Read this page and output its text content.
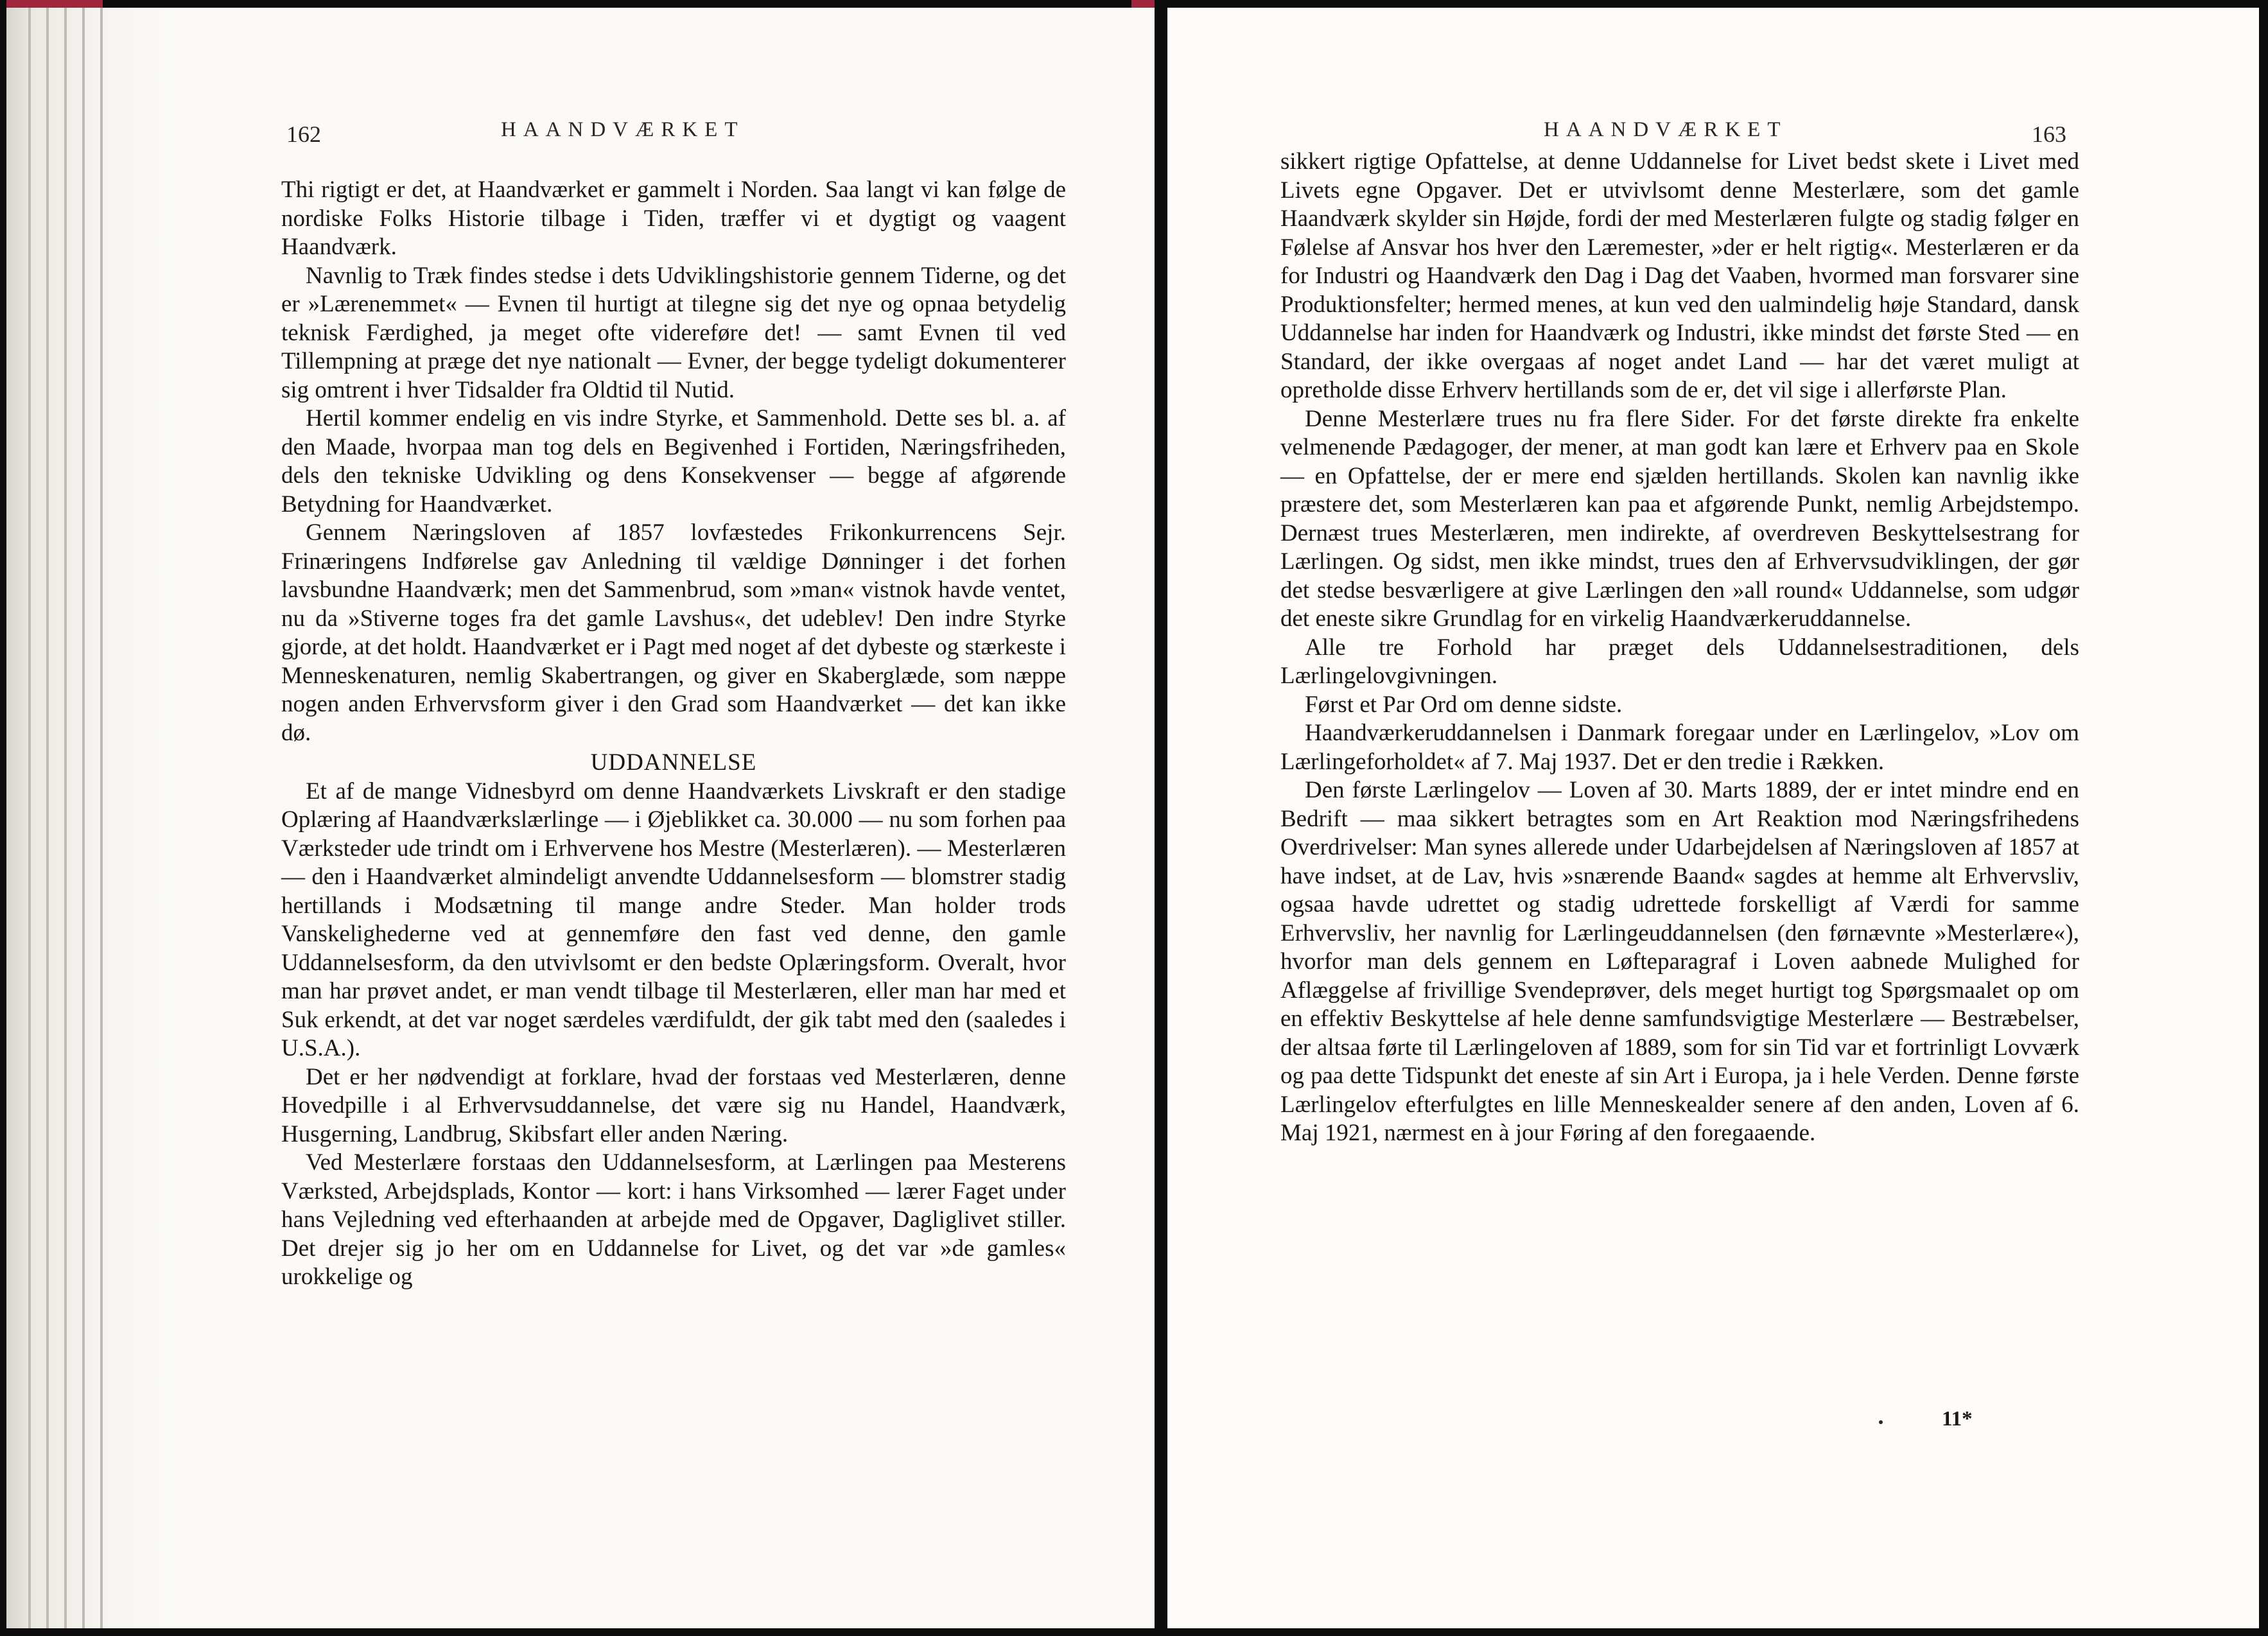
162	HAANDVÆRKET

Thi rigtigt er det, at Haandværket er gammelt i Norden. Saa langt vi kan følge de nordiske Folks Historie tilbage i Tiden, træffer vi et dygtigt og vaagent Haandværk.

Navnlig to Træk findes stedse i dets Udviklingshistorie gennem Tiderne, og det er »Lærenemmet« — Evnen til hurtigt at tilegne sig det nye og opnaa betydelig teknisk Færdighed, ja meget ofte videreføre det! — samt Evnen til ved Tillempning at præge det nye nationalt — Evner, der begge tydeligt dokumenterer sig omtrent i hver Tidsalder fra Oldtid til Nutid.

Hertil kommer endelig en vis indre Styrke, et Sammenhold. Dette ses bl. a. af den Maade, hvorpaa man tog dels en Begivenhed i Fortiden, Næringsfriheden, dels den tekniske Udvikling og dens Konsekvenser — begge af afgørende Betydning for Haandværket.

Gennem Næringsloven af 1857 lovfæstedes Frikonkurrencens Sejr. Frinæringens Indførelse gav Anledning til vældige Dønninger i det forhen lavsbundne Haandværk; men det Sammenbrud, som »man« vistnok havde ventet, nu da »Stiverne toges fra det gamle Lavshus«, det udeblev! Den indre Styrke gjorde, at det holdt. Haandværket er i Pagt med noget af det dybeste og stærkeste i Menneskenaturen, nemlig Skabertrangen, og giver en Skaberglæde, som næppe nogen anden Erhvervsform giver i den Grad som Haandværket — det kan ikke dø.

UDDANNELSE

Et af de mange Vidnesbyrd om denne Haandværkets Livskraft er den stadige Oplæring af Haandværkslærlinge — i Øjeblikket ca. 30.000 — nu som forhen paa Værksteder ude trindt om i Erhvervene hos Mestre (Mesterlæren). — Mesterlæren — den i Haandværket almindeligt anvendte Uddannelsesform — blomstrer stadig hertillands i Modsætning til mange andre Steder. Man holder trods Vanskelighederne ved at gennemføre den fast ved denne, den gamle Uddannelsesform, da den utvivlsomt er den bedste Oplæringsform. Overalt, hvor man har prøvet andet, er man vendt tilbage til Mesterlæren, eller man har med et Suk erkendt, at det var noget særdeles værdifuldt, der gik tabt med den (saaledes i U.S.A.).

Det er her nødvendigt at forklare, hvad der forstaas ved Mesterlæren, denne Hovedpille i al Erhvervsuddannelse, det være sig nu Handel, Haandværk, Husgerning, Landbrug, Skibsfart eller anden Næring.

Ved Mesterlære forstaas den Uddannelsesform, at Lærlingen paa Mesterens Værksted, Arbejdsplads, Kontor — kort: i hans Virksomhed — lærer Faget under hans Vejledning ved efterhaanden at arbejde med de Opgaver, Dagliglivet stiller. Det drejer sig jo her om en Uddannelse for Livet, og det var »de gamles« urokkelige og

HAANDVÆRKET	163

sikkert rigtige Opfattelse, at denne Uddannelse for Livet bedst skete i Livet med Livets egne Opgaver. Det er utvivlsomt denne Mesterlære, som det gamle Haandværk skylder sin Højde, fordi der med Mesterlæren fulgte og stadig følger en Følelse af Ansvar hos hver den Læremester, »der er helt rigtig«. Mesterlæren er da for Industri og Haandværk den Dag i Dag det Vaaben, hvormed man forsvarer sine Produktionsfelter; hermed menes, at kun ved den ualmindelig høje Standard, dansk Uddannelse har inden for Haandværk og Industri, ikke mindst det første Sted — en Standard, der ikke overgaas af noget andet Land — har det været muligt at opretholde disse Erhverv hertillands som de er, det vil sige i allerførste Plan.

Denne Mesterlære trues nu fra flere Sider. For det første direkte fra enkelte velmenende Pædagoger, der mener, at man godt kan lære et Erhverv paa en Skole — en Opfattelse, der er mere end sjælden hertillands. Skolen kan navnlig ikke præstere det, som Mesterlæren kan paa et afgørende Punkt, nemlig Arbejdstempo. Dernæst trues Mesterlæren, men indirekte, af overdreven Beskyttelsestrang for Lærlingen. Og sidst, men ikke mindst, trues den af Erhvervsudviklingen, der gør det stedse besværligere at give Lærlingen den »all round« Uddannelse, som udgør det eneste sikre Grundlag for en virkelig Haandværkeruddannelse.

Alle tre Forhold har præget dels Uddannelsestraditionen, dels Lærlingelovgivningen.

Først et Par Ord om denne sidste.

Haandværkeruddannelsen i Danmark foregaar under en Lærlingelov, »Lov om Lærlingeforholdet« af 7. Maj 1937. Det er den tredie i Rækken.

Den første Lærlingelov — Loven af 30. Marts 1889, der er intet mindre end en Bedrift — maa sikkert betragtes som en Art Reaktion mod Næringsfrihedens Overdrivelser: Man synes allerede under Udarbejdelsen af Næringsloven af 1857 at have indset, at de Lav, hvis »snærende Baand« sagdes at hemme alt Erhvervsliv, ogsaa havde udrettet og stadig udrettede forskelligt af Værdi for samme Erhvervsliv, her navnlig for Lærlingeuddannelsen (den førnævnte »Mesterlære«), hvorfor man dels gennem en Løfteparagraf i Loven aabnede Mulighed for Aflæggelse af frivillige Svendeprøver, dels meget hurtigt tog Spørgsmaalet op om en effektiv Beskyttelse af hele denne samfundsvigtige Mesterlære — Bestræbelser, der altsaa førte til Lærlingeloven af 1889, som for sin Tid var et fortrinligt Lovværk og paa dette Tidspunkt det eneste af sin Art i Europa, ja i hele Verden. Denne første Lærlingelov efterfulgtes en lille Menneskealder senere af den anden, Loven af 6. Maj 1921, nærmest en à jour Føring af den foregaaende.

11*
